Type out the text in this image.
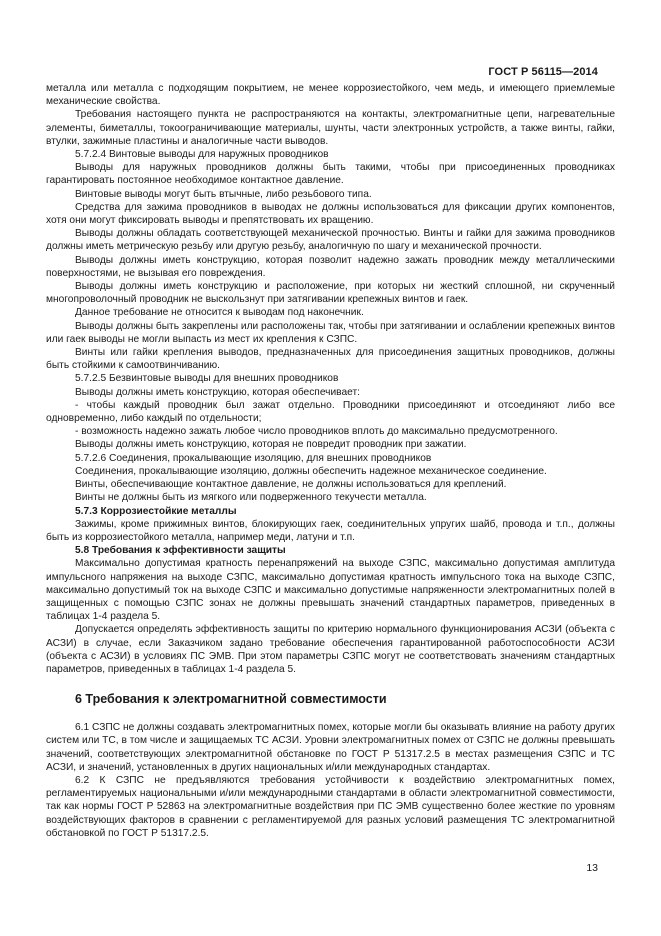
ГОСТ Р 56115—2014

металла или металла с подходящим покрытием, не менее коррозиестойкого, чем медь, и имеющего приемлемые механические свойства.

Требования настоящего пункта не распространяются на контакты, электромагнитные цепи, нагревательные элементы, биметаллы, токоограничивающие материалы, шунты, части электронных устройств, а также винты, гайки, втулки, зажимные пластины и аналогичные части выводов.

5.7.2.4 Винтовые выводы для наружных проводников

Выводы для наружных проводников должны быть такими, чтобы при присоединенных проводниках гарантировать постоянное необходимое контактное давление.

Винтовые выводы могут быть втычные, либо резьбового типа.

Средства для зажима проводников в выводах не должны использоваться для фиксации других компонентов, хотя они могут фиксировать выводы и препятствовать их вращению.

Выводы должны обладать соответствующей механической прочностью. Винты и гайки для зажима проводников должны иметь метрическую резьбу или другую резьбу, аналогичную по шагу и механической прочности.

Выводы должны иметь конструкцию, которая позволит надежно зажать проводник между металлическими поверхностями, не вызывая его повреждения.

Выводы должны иметь конструкцию и расположение, при которых ни жесткий сплошной, ни скрученный многопроволочный проводник не выскользнут при затягивании крепежных винтов и гаек.

Данное требование не относится к выводам под наконечник.

Выводы должны быть закреплены или расположены так, чтобы при затягивании и ослаблении крепежных винтов или гаек выводы не могли выпасть из мест их крепления к СЗПС.

Винты или гайки крепления выводов, предназначенных для присоединения защитных проводников, должны быть стойкими к самоотвинчиванию.

5.7.2.5 Безвинтовые выводы для внешних проводников

Выводы должны иметь конструкцию, которая обеспечивает:

- чтобы каждый проводник был зажат отдельно. Проводники присоединяют и отсоединяют либо все одновременно, либо каждый по отдельности;

- возможность надежно зажать любое число проводников вплоть до максимально предусмотренного.

Выводы должны иметь конструкцию, которая не повредит проводник при зажатии.

5.7.2.6 Соединения, прокалывающие изоляцию, для внешних проводников

Соединения, прокалывающие изоляцию, должны обеспечить надежное механическое соединение.

Винты, обеспечивающие контактное давление, не должны использоваться для креплений.

Винты не должны быть из мягкого или подверженного текучести металла.

5.7.3 Коррозиестойкие металлы

Зажимы, кроме прижимных винтов, блокирующих гаек, соединительных упругих шайб, провода и т.п., должны быть из коррозиестойкого металла, например меди, латуни и т.п.

5.8 Требования к эффективности защиты

Максимально допустимая кратность перенапряжений на выходе СЗПС, максимально допустимая амплитуда импульсного напряжения на выходе СЗПС, максимально допустимая кратность импульсного тока на выходе СЗПС, максимально допустимый ток на выходе СЗПС и максимально допустимые напряженности электромагнитных полей в защищенных с помощью СЗПС зонах не должны превышать значений стандартных параметров, приведенных в таблицах 1-4 раздела 5.

Допускается определять эффективность защиты по критерию нормального функционирования АСЗИ (объекта с АСЗИ) в случае, если Заказчиком задано требование обеспечения гарантированной работоспособности АСЗИ (объекта с АСЗИ) в условиях ПС ЭМВ. При этом параметры СЗПС могут не соответствовать значениям стандартных параметров, приведенных в таблицах 1-4 раздела 5.

6 Требования к электромагнитной совместимости

6.1 СЗПС не должны создавать электромагнитных помех, которые могли бы оказывать влияние на работу других систем или ТС, в том числе и защищаемых ТС АСЗИ. Уровни электромагнитных помех от СЗПС не должны превышать значений, соответствующих электромагнитной обстановке по ГОСТ Р 51317.2.5 в местах размещения СЗПС и ТС АСЗИ, и значений, установленных в других национальных и/или международных стандартах.

6.2 К СЗПС не предъявляются требования устойчивости к воздействию электромагнитных помех, регламентируемых национальными и/или международными стандартами в области электромагнитной совместимости, так как нормы ГОСТ Р 52863 на электромагнитные воздействия при ПС ЭМВ существенно более жесткие по уровням воздействующих факторов в сравнении с регламентируемой для разных условий размещения ТС электромагнитной обстановкой по ГОСТ Р 51317.2.5.

13
